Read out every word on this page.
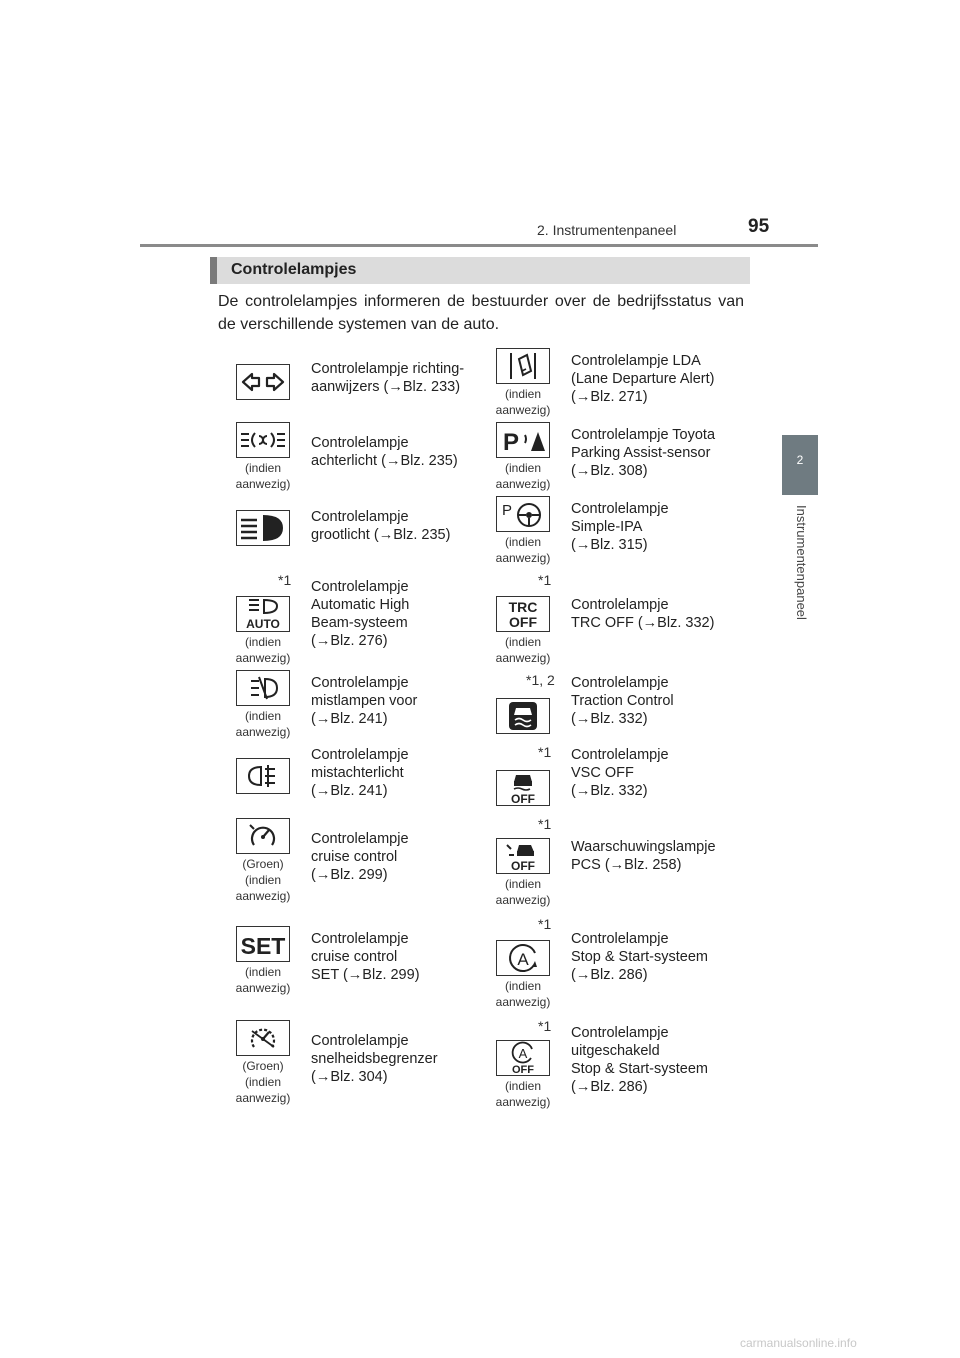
2. Instrumentenpaneel	95
2
Instrumentenpaneel
Controlelampjes
De controlelampjes informeren de bestuurder over de bedrijfsstatus van de verschillende systemen van de auto.
Controlelampje richting-
aanwijzers (→Blz. 233)
(indien
aanwezig)
Controlelampje
achterlicht (→Blz. 235)
Controlelampje
grootlicht (→Blz. 235)
AUTO
(indien
aanwezig)
*1 Controlelampje
Automatic High
Beam-systeem
(→Blz. 276)
(indien
aanwezig)
Controlelampje
mistlampen voor
(→Blz. 241)
Controlelampje
mistachterlicht
(→Blz. 241)
(Groen)
(indien
aanwezig)
Controlelampje
cruise control
(→Blz. 299)
SET
(indien
aanwezig)
Controlelampje
cruise control
SET (→Blz. 299)
(Groen)
(indien
aanwezig)
Controlelampje
snelheidsbegrenzer
(→Blz. 304)
(indien
aanwezig)
Controlelampje LDA
(Lane Departure Alert)
(→Blz. 271)
P
(indien
aanwezig)
Controlelampje Toyota
Parking Assist-sensor
(→Blz. 308)
P
(indien
aanwezig)
Controlelampje
Simple-IPA
(→Blz. 315)
TRC
OFF
(indien
aanwezig)
*1
Controlelampje
TRC OFF (→Blz. 332)
*1, 2 Controlelampje
Traction Control
(→Blz. 332)
OFF
*1 Controlelampje
VSC OFF
(→Blz. 332)
OFF
(indien
aanwezig)
*1
Waarschuwingslampje
PCS (→Blz. 258)
A
(indien
aanwezig)
*1
Controlelampje
Stop & Start-systeem
(→Blz. 286)
A
OFF
(indien
aanwezig)
*1 Controlelampje
uitgeschakeld
Stop & Start-systeem
(→Blz. 286)
carmanualsonline.info
